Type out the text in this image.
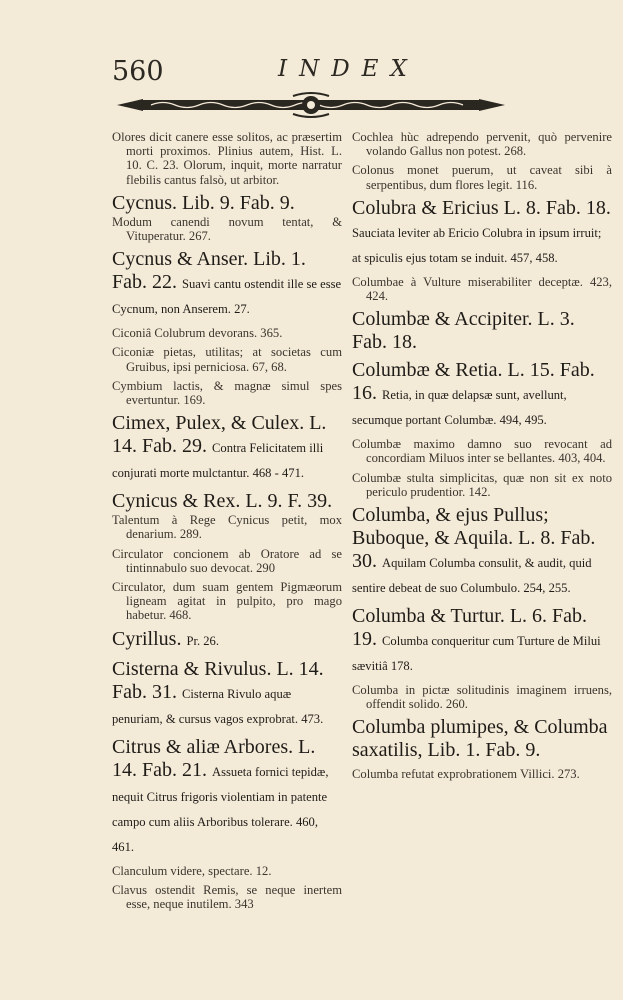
560	INDEX
Olores dicit canere esse solitos, ac præsertim morti proximos. Plinius autem, Hist. L. 10. C. 23. Olorum, inquit, morte narratur flebilis cantus falsò, ut arbitor.
Cycnus. Lib. 9. Fab. 9.
Modum canendi novum tentat, & Vituperatur. 267.
Cycnus & Anser. Lib. 1. Fab. 22. Suavi cantu ostendit ille se esse Cycnum, non Anserem. 27.
Ciconiâ Colubrum devorans. 365.
Ciconiæ pietas, utilitas; at societas cum Gruibus, ipsi perniciosa. 67, 68.
Cymbium lactis, & magnæ simul spes evertuntur. 169.
Cimex, Pulex, & Culex. L. 14. Fab. 29. Contra Felicitatem illi conjurati morte mulctantur. 468 - 471.
Cynicus & Rex. L. 9. F. 39.
Talentum à Rege Cynicus petit, mox denarium. 289.
Circulator concionem ab Oratore ad se tintinnabulo suo devocat. 290
Circulator, dum suam gentem Pigmæorum ligneam agitat in pulpito, pro mago habetur. 468.
Cyrillus. Pr. 26.
Cisterna & Rivulus. L. 14. Fab. 31. Cisterna Rivulo aquæ penuriam, & cursus vagos exprobrat. 473.
Citrus & aliæ Arbores. L. 14. Fab. 21. Assueta fornici tepidæ, nequit Citrus frigoris violentiam in patente campo cum aliis Arboribus tolerare. 460, 461.
Clanculum videre, spectare. 12.
Clavus ostendit Remis, se neque inertem esse, neque inutilem. 343
Cochlea hùc adrependo pervenit, quò pervenire volando Gallus non potest. 268.
Colonus monet puerum, ut caveat sibi à serpentibus, dum flores legit. 116.
Colubra & Ericius L. 8. Fab. 18. Sauciata leviter ab Ericio Colubra in ipsum irruit; at spiculis ejus totam se induit. 457, 458.
Columbae à Vulture miserabiliter deceptæ. 423, 424.
Columbæ & Accipiter. L. 3. Fab. 18.
Columbæ & Retia. L. 15. Fab. 16. Retia, in quæ delapsæ sunt, avellunt, secumque portant Columbæ. 494, 495.
Columbæ maximo damno suo revocant ad concordiam Miluos inter se bellantes. 403, 404.
Columbæ stulta simplicitas, quæ non sit ex noto periculo prudentior. 142.
Columba, & ejus Pullus; Buboque, & Aquila. L. 8. Fab. 30. Aquilam Columba consulit, & audit, quid sentire debeat de suo Columbulo. 254, 255.
Columba & Turtur. L. 6. Fab. 19. Columba conqueritur cum Turture de Milui sævitiâ 178.
Columba in pictæ solitudinis imaginem irruens, offendit solido. 260.
Columba plumipes, & Columba saxatilis, Lib. 1. Fab. 9.
Columba refutat exprobrationem Villici. 273.
